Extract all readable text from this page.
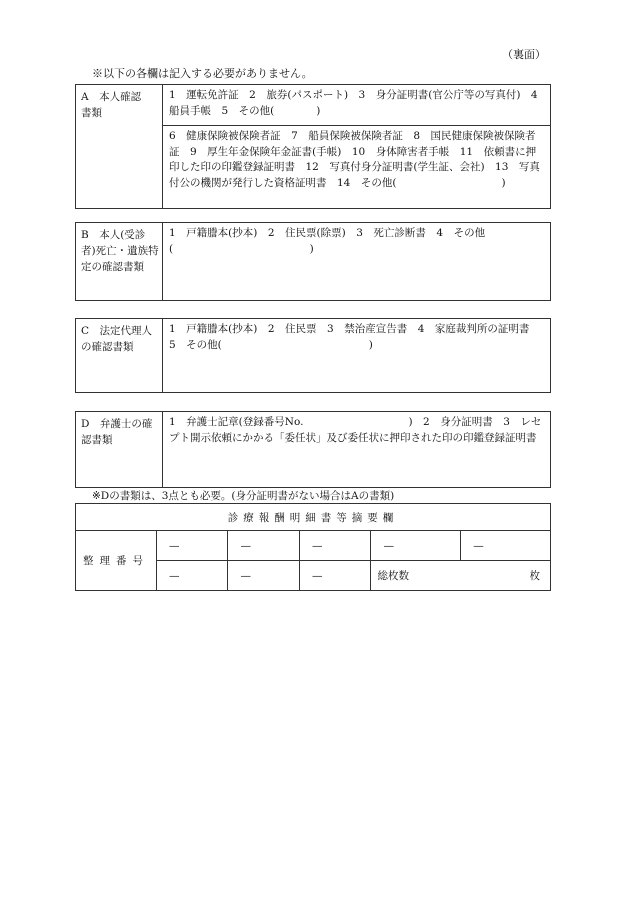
（裏面）
※以下の各欄は記入する必要がありません。
A　本人確認　書類	1　運転免許証　2　旅券(パスポート)　3　身分証明書(官公庁等の写真付)　4　船員手帳　5　その他(　　　　)
6　健康保険被保険者証　7　船員保険被保険者証　8　国民健康保険被保険者証　9　厚生年金保険年金証書(手帳)　10　身体障害者手帳　11　依頼書に押印した印の印鑑登録証明書　12　写真付身分証明書(学生証、会社)　13　写真付公の機関が発行した資格証明書　14　その他(　　　　　　　　　　)
B　本人(受診者)死亡・遺族特定の確認書類	1　戸籍謄本(抄本)　2　住民票(除票)　3　死亡診断書　4　その他(　　　　　　　　　　　　　)
C　法定代理人の確認書類	1　戸籍謄本(抄本)　2　住民票　3　禁治産宣告書　4　家庭裁判所の証明書　5　その他(　　　　　　　　　　　　　　)
D　弁護士の確認書類	1　弁護士記章(登録番号No.　　　　　　　　　　)　2　身分証明書　3　レセプト開示依頼にかかる「委任状」及び委任状に押印された印の印鑑登録証明書
※Dの書類は、3点とも必要。(身分証明書がない場合はAの書類)
診療報酬明細書等摘要欄					
整理番号	—	—	—	—	—
	—	—	—	総枚数 枚	
